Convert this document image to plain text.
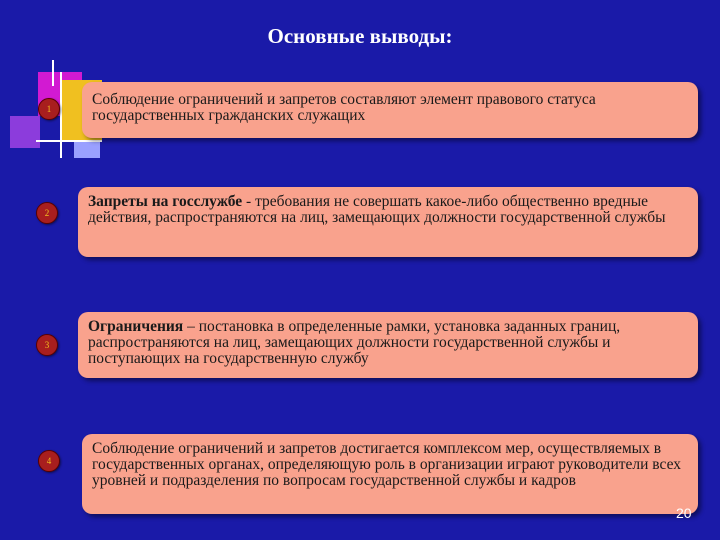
Основные выводы:
1
2
3
4
Соблюдение ограничений и запретов составляют элемент правового статуса государственных гражданских служащих
Запреты на госслужбе - требования не совершать какое-либо общественно вредные действия, распространяются на лиц, замещающих должности государственной службы
Ограничения – постановка в определенные рамки, установка заданных границ, распространяются на лиц, замещающих должности государственной службы и поступающих на государственную службу
Соблюдение ограничений и запретов достигается комплексом мер, осуществляемых в государственных органах, определяющую роль в организации играют руководители всех уровней и подразделения по вопросам государственной службы и кадров
20
